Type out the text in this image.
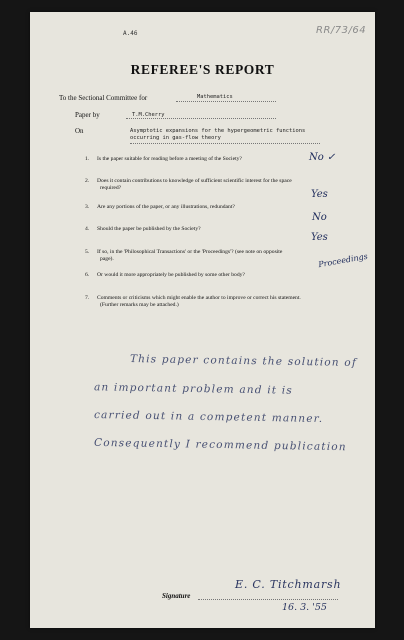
A.46	RR/73/64
REFEREE'S REPORT
To the Sectional Committee for	Mathematics
Paper by	T.M.Cherry
On	Asymptotic expansions for the hypergeometric functions
occurring in gas-flow theory
1. Is the paper suitable for reading before a meeting of the Society?	No ✓
2. Does it contain contributions to knowledge of sufficient scientific interest for the space
required?
Yes
3. Are any portions of the paper, or any illustrations, redundant?
No
4. Should the paper be published by the Society?
Yes
5. If so, in the 'Philosophical Transactions' or the 'Proceedings'? (see note on opposite
page).	Proceedings
6. Or would it more appropriately be published by some other body?
7. Comments or criticisms which might enable the author to improve or correct his statement.
(Further remarks may be attached.)
This paper contains the solution of
an important problem and it is
carried out in a competent manner.
Consequently I recommend publication
Signature
E. C. Titchmarsh
16. 3. '55
